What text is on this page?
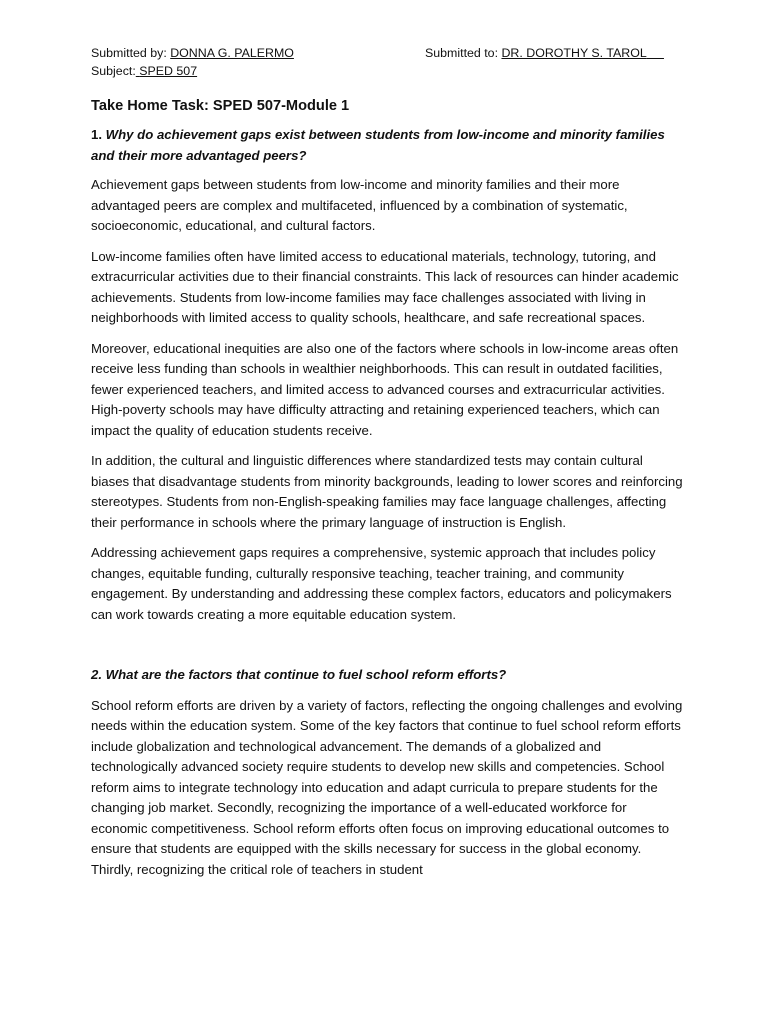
Submitted by: DONNA G. PALERMO	Submitted to: DR. DOROTHY S. TAROL
Subject: SPED 507
Take Home Task: SPED 507-Module 1
1. Why do achievement gaps exist between students from low-income and minority families and their more advantaged peers?

Achievement gaps between students from low-income and minority families and their more advantaged peers are complex and multifaceted, influenced by a combination of systematic, socioeconomic, educational, and cultural factors.

Low-income families often have limited access to educational materials, technology, tutoring, and extracurricular activities due to their financial constraints. This lack of resources can hinder academic achievements. Students from low-income families may face challenges associated with living in neighborhoods with limited access to quality schools, healthcare, and safe recreational spaces.

Moreover, educational inequities are also one of the factors where schools in low-income areas often receive less funding than schools in wealthier neighborhoods. This can result in outdated facilities, fewer experienced teachers, and limited access to advanced courses and extracurricular activities. High-poverty schools may have difficulty attracting and retaining experienced teachers, which can impact the quality of education students receive.

In addition, the cultural and linguistic differences where standardized tests may contain cultural biases that disadvantage students from minority backgrounds, leading to lower scores and reinforcing stereotypes. Students from non-English-speaking families may face language challenges, affecting their performance in schools where the primary language of instruction is English.

Addressing achievement gaps requires a comprehensive, systemic approach that includes policy changes, equitable funding, culturally responsive teaching, teacher training, and community engagement. By understanding and addressing these complex factors, educators and policymakers can work towards creating a more equitable education system.

2. What are the factors that continue to fuel school reform efforts?

School reform efforts are driven by a variety of factors, reflecting the ongoing challenges and evolving needs within the education system. Some of the key factors that continue to fuel school reform efforts include globalization and technological advancement. The demands of a globalized and technologically advanced society require students to develop new skills and competencies. School reform aims to integrate technology into education and adapt curricula to prepare students for the changing job market. Secondly, recognizing the importance of a well-educated workforce for economic competitiveness. School reform efforts often focus on improving educational outcomes to ensure that students are equipped with the skills necessary for success in the global economy. Thirdly, recognizing the critical role of teachers in student
